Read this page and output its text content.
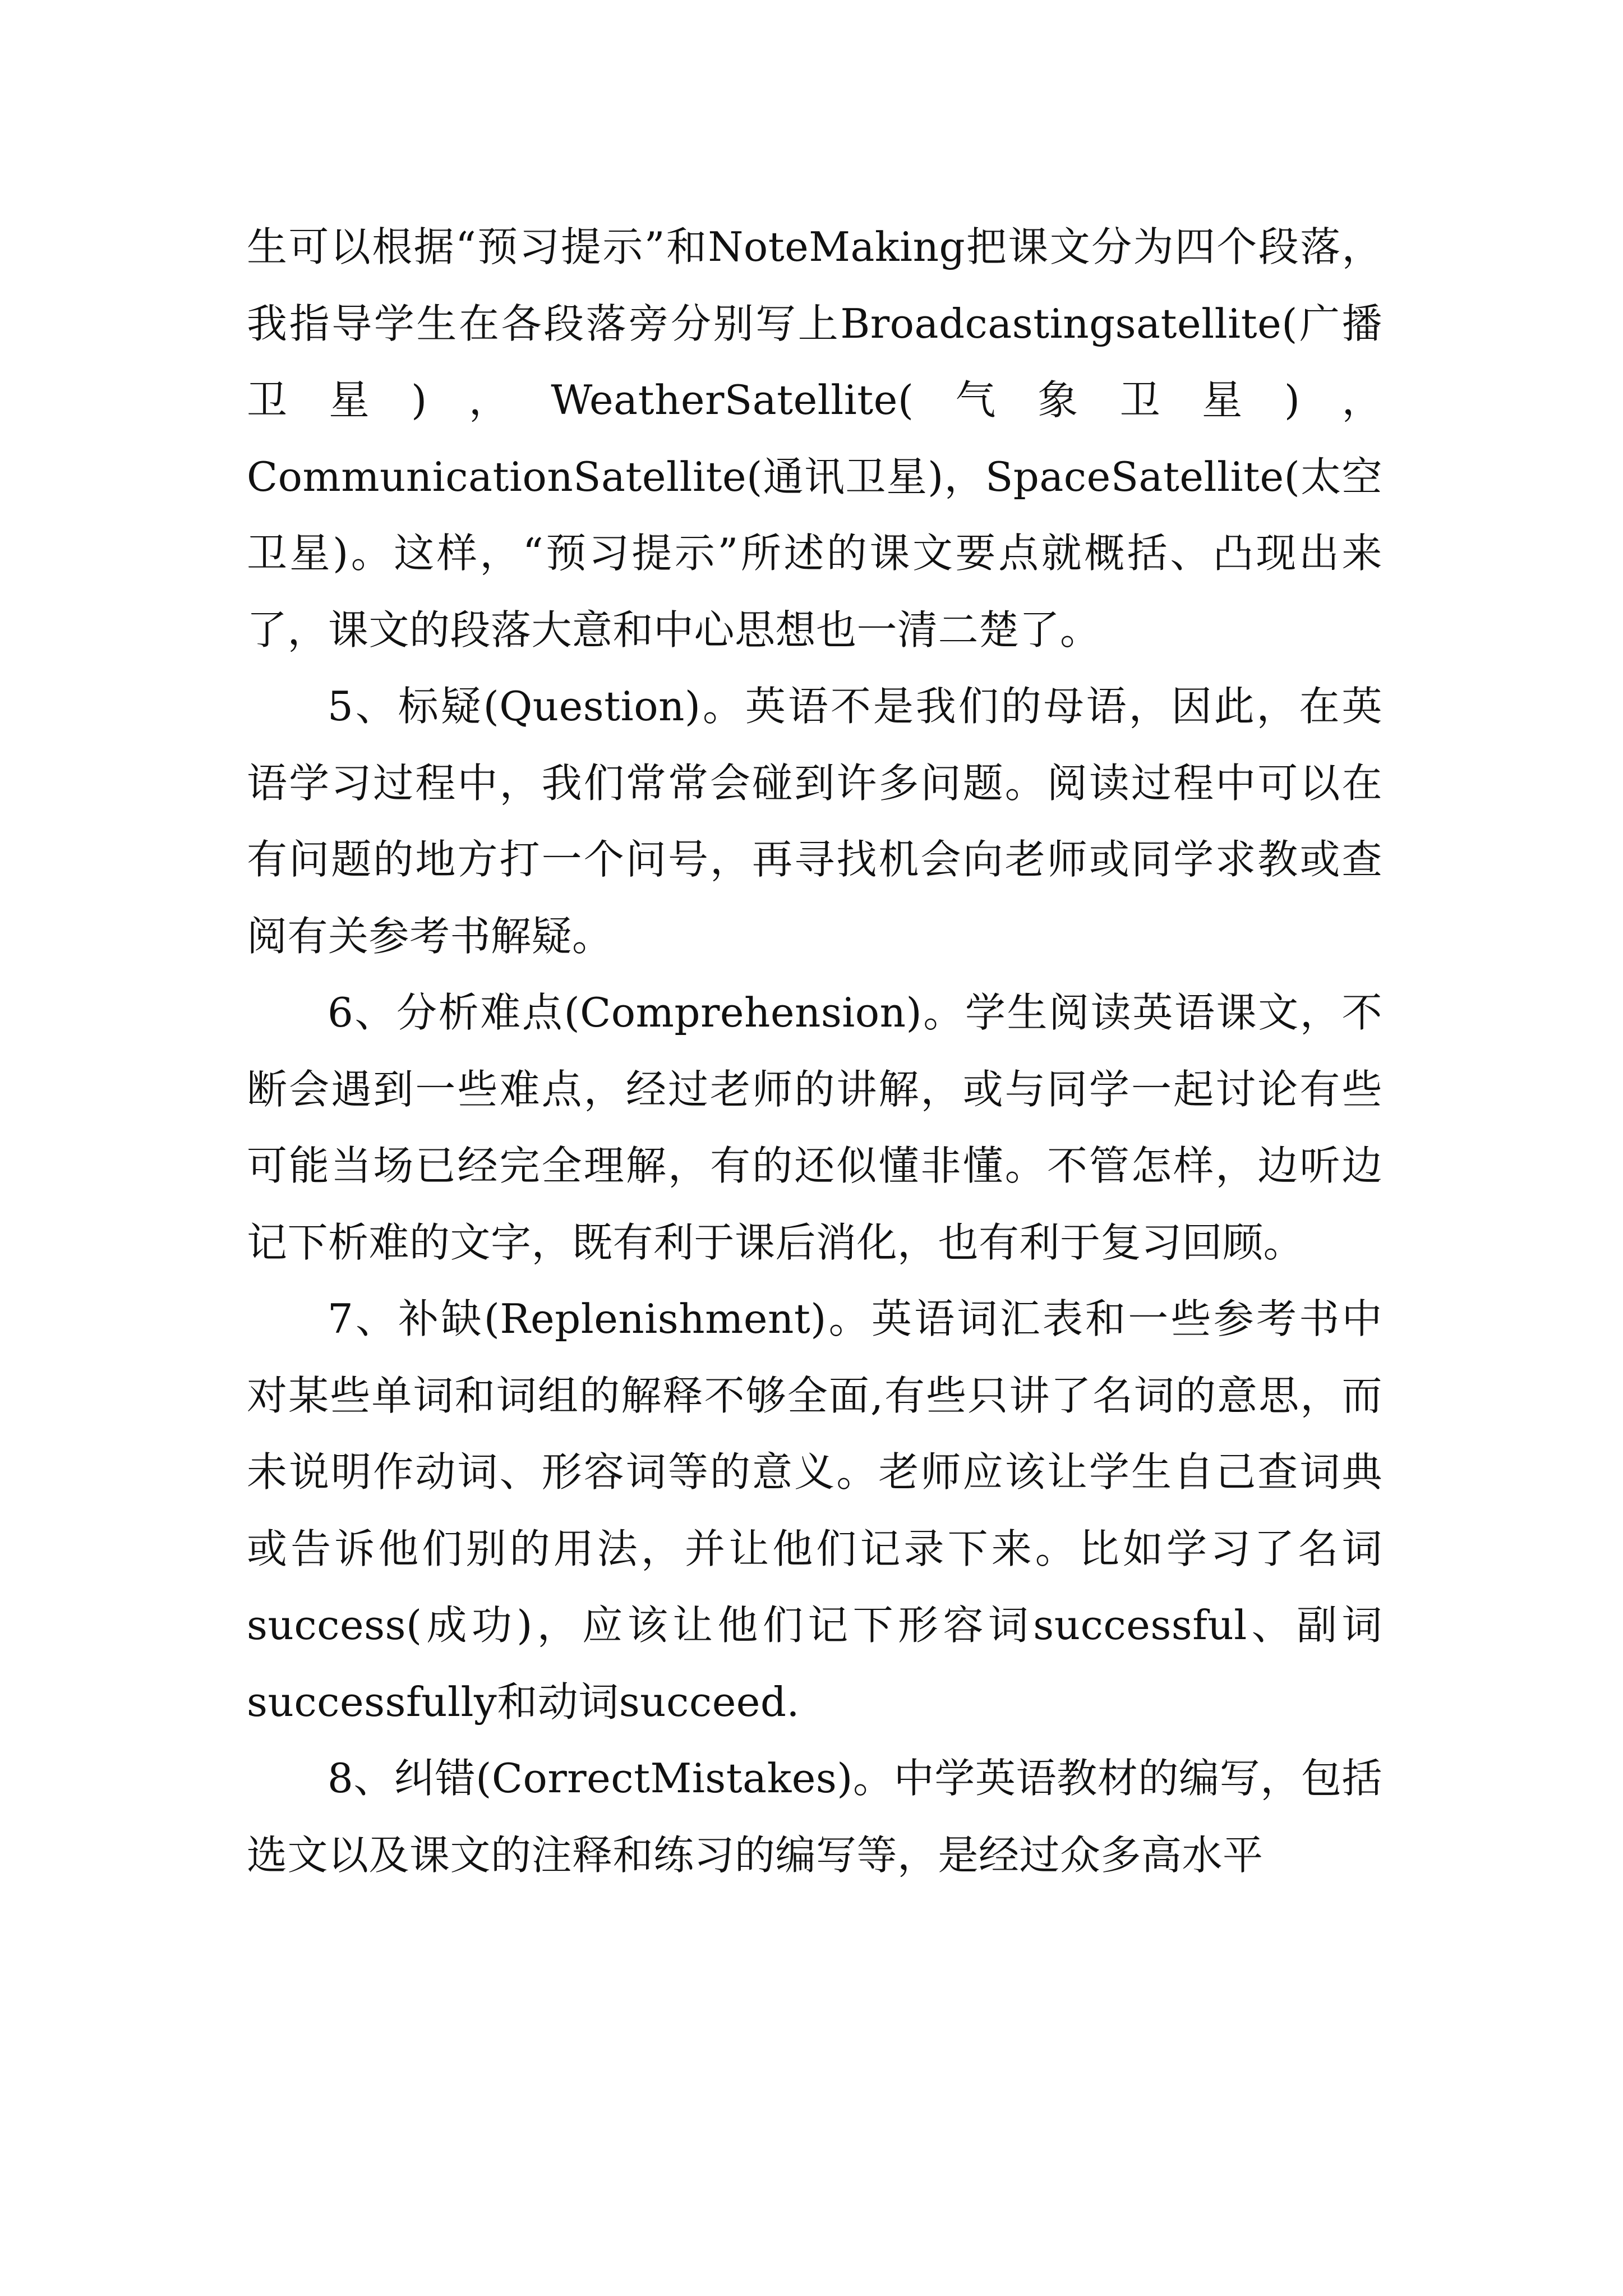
生可以根据“预习提示”和NoteMaking把课文分为四个段落，我指导学生在各段落旁分别写上Broadcastingsatellite(广播卫星)，WeatherSatellite(气象卫星)，CommunicationSatellite(通讯卫星)，SpaceSatellite(太空卫星)。这样，“预习提示”所述的课文要点就概括、凸现出来了，课文的段落大意和中心思想也一清二楚了。

5、标疑(Question)。英语不是我们的母语，因此，在英语学习过程中，我们常常会碰到许多问题。阅读过程中可以在有问题的地方打一个问号，再寻找机会向老师或同学求教或查阅有关参考书解疑。

6、分析难点(Comprehension)。学生阅读英语课文，不断会遇到一些难点，经过老师的讲解，或与同学一起讨论有些可能当场已经完全理解，有的还似懂非懂。不管怎样，边听边记下析难的文字，既有利于课后消化，也有利于复习回顾。

7、补缺(Replenishment)。英语词汇表和一些参考书中对某些单词和词组的解释不够全面,有些只讲了名词的意思，而未说明作动词、形容词等的意义。老师应该让学生自己查词典或告诉他们别的用法，并让他们记录下来。比如学习了名词success(成功)，应该让他们记下形容词successful、副词successfully和动词succeed.

8、纠错(CorrectMistakes)。中学英语教材的编写，包括选文以及课文的注释和练习的编写等，是经过众多高水平
